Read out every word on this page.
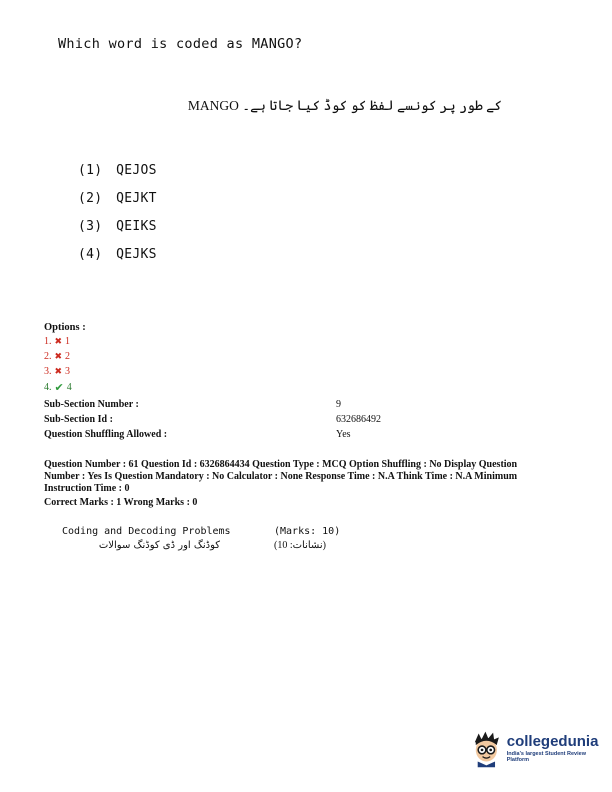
Which word is coded as MANGO?
MANGO کے طور پر کونسے لفظ کو کوڈ کیا جاتا ہے۔
(1) QEJOS
(2) QEJKT
(3) QEIKS
(4) QEJKS
Options :
1. ✖ 1
2. ✖ 2
3. ✖ 3
4. ✔ 4
Sub-Section Number :	9
Sub-Section Id :	632686492
Question Shuffling Allowed :	Yes
Question Number : 61 Question Id : 6326864434 Question Type : MCQ Option Shuffling : No Display Question
Number : Yes Is Question Mandatory : No Calculator : None Response Time : N.A Think Time : N.A Minimum
Instruction Time : 0
Correct Marks : 1 Wrong Marks : 0
Coding and Decoding Problems	(Marks: 10)
کوڈنگ اور ڈی کوڈنگ سوالات	(نشانات: 10)
collegedunia
India's largest Student Review Platform
